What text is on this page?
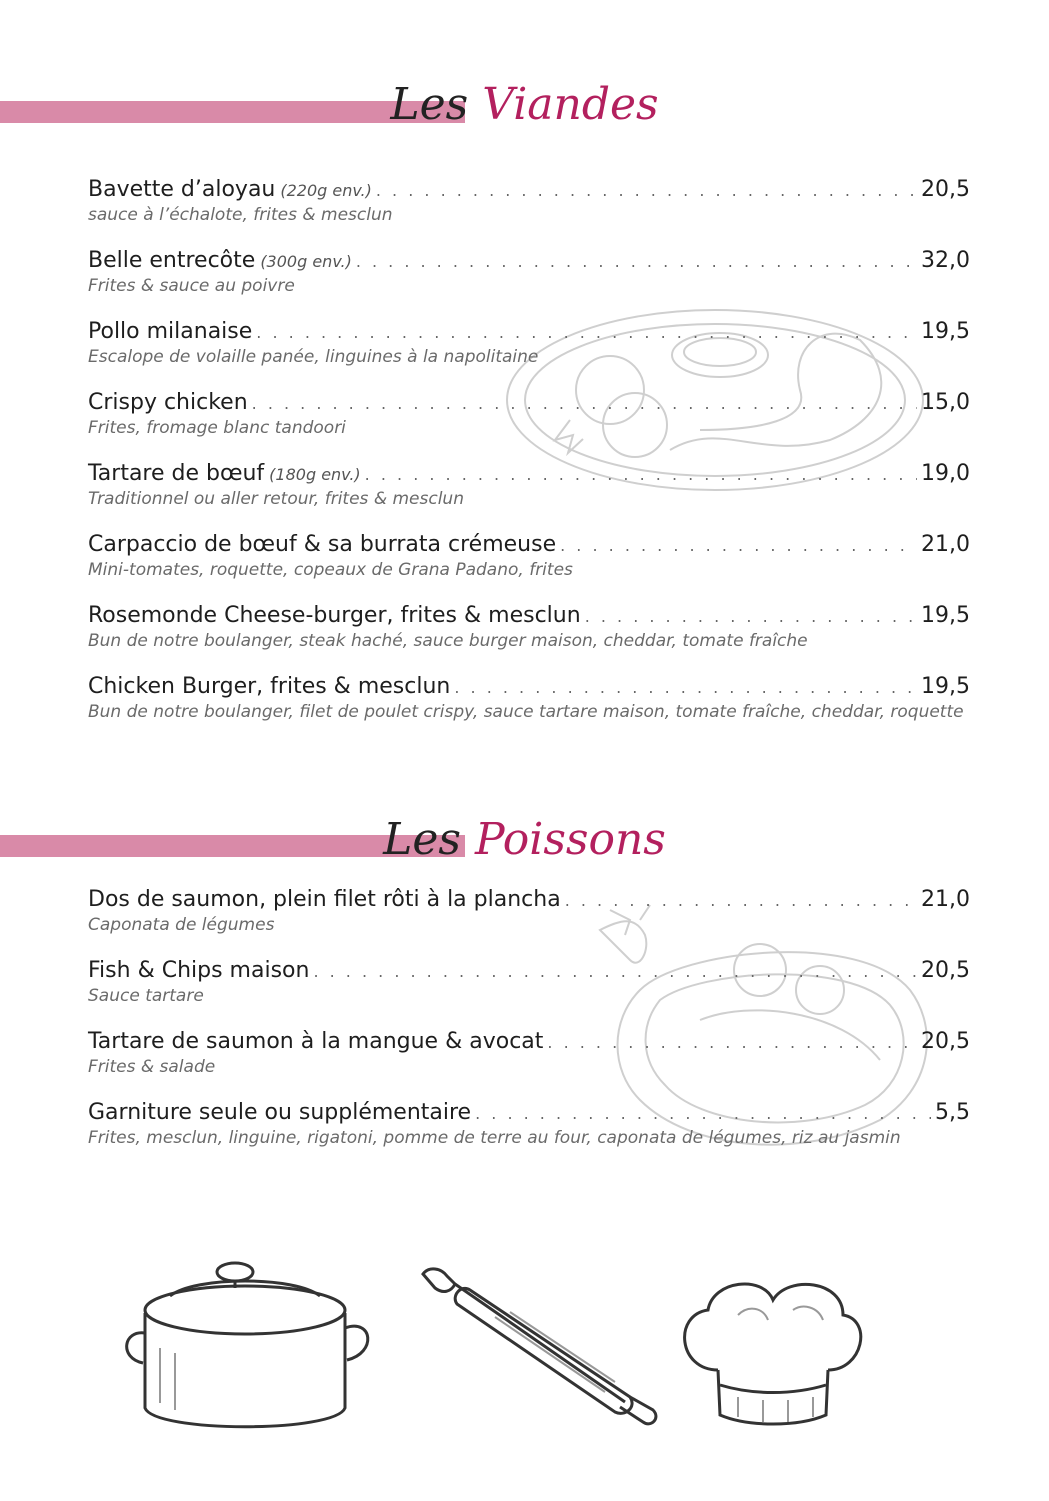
Les Viandes
Bavette d’aloyau (220g env.) . . .	20,5
sauce à l’échalote, frites & mesclun
Belle entrecôte (300g env.) . . .	32,0
Frites & sauce au poivre
Pollo milanaise . . .	19,5
Escalope de volaille panée, linguines à la napolitaine
Crispy chicken . . .	15,0
Frites, fromage blanc tandoori
Tartare de bœuf (180g env.) . . .	19,0
Traditionnel ou aller retour, frites & mesclun
Carpaccio de bœuf & sa burrata crémeuse . . .	21,0
Mini-tomates, roquette, copeaux de Grana Padano, frites
Rosemonde Cheese-burger, frites & mesclun . . .	19,5
Bun de notre boulanger, steak haché, sauce burger maison, cheddar, tomate fraîche
Chicken Burger, frites & mesclun . . .	19,5
Bun de notre boulanger, filet de poulet crispy, sauce tartare maison, tomate fraîche, cheddar, roquette
Les Poissons
Dos de saumon, plein filet rôti à la plancha . . .	21,0
Caponata de légumes
Fish & Chips maison . . .	20,5
Sauce tartare
Tartare de saumon à la mangue & avocat . . .	20,5
Frites & salade
Garniture seule ou supplémentaire . . .	5,5
Frites, mesclun, linguine, rigatoni, pomme de terre au four, caponata de légumes, riz au jasmin
